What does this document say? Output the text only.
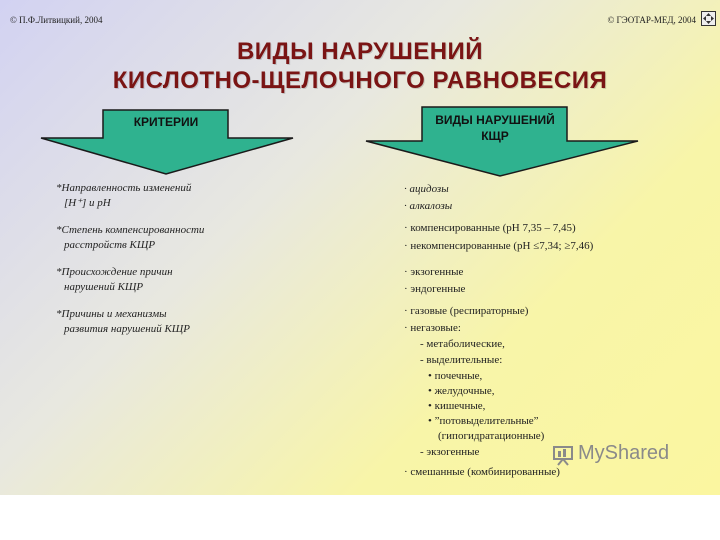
© П.Ф.Литвицкий, 2004	© ГЭОТАР-МЕД, 2004
ВИДЫ НАРУШЕНИЙ
КИСЛОТНО-ЩЕЛОЧНОГО РАВНОВЕСИЯ
КРИТЕРИИ	ВИДЫ НАРУШЕНИЙ
КЩР
*Направленность изменений
[H⁺] и pH
*Степень компенсированности
расстройств КЩР
*Происхождение причин
нарушений КЩР
*Причины и механизмы
развития нарушений КЩР
· ацидозы
· алкалозы
· компенсированные (pH 7,35 – 7,45)
· некомпенсированные (pH ≤7,34; ≥7,46)
· экзогенные
· эндогенные
· газовые (респираторные)
· негазовые:
- метаболические,
- выделительные:
• почечные,
• желудочные,
• кишечные,
• ”потовыделительные”
(гипогидратационные)
- экзогенные
· смешанные (комбинированные)
MyShared
